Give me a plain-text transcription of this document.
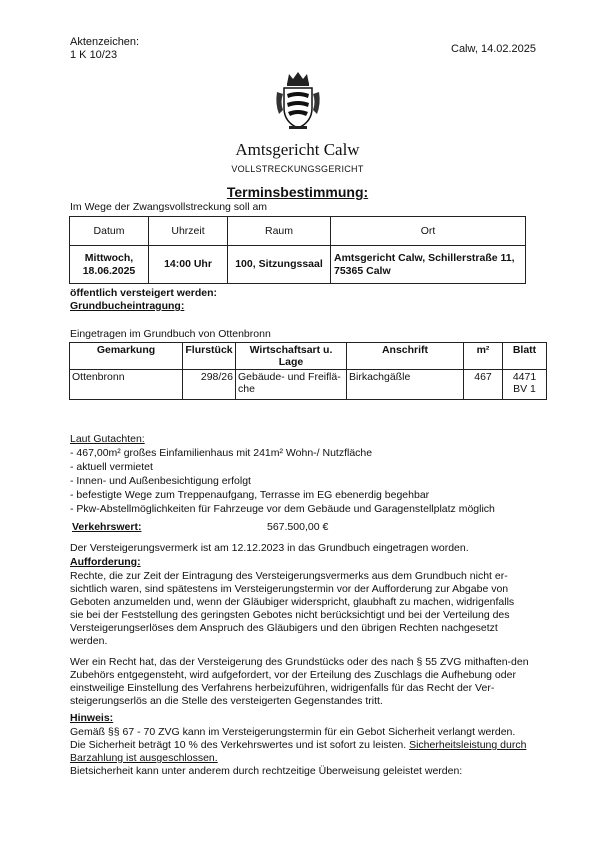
Aktenzeichen:
1 K 10/23	Calw, 14.02.2025
Amtsgericht Calw
VOLLSTRECKUNGSGERICHT
Terminsbestimmung:
Im Wege der Zwangsvollstreckung soll am
Datum	Uhrzeit	Raum	Ort
Mittwoch, 18.06.2025	14:00 Uhr	100, Sitzungssaal	Amtsgericht Calw, Schillerstraße 11, 75365 Calw
öffentlich versteigert werden:
Grundbucheintragung:
Eingetragen im Grundbuch von Ottenbronn
Gemarkung	Flurstück	Wirtschaftsart u. Lage	Anschrift	m²	Blatt
Ottenbronn	298/26	Gebäude- und Freiflä-che	Birkachgäßle	467	4471 BV 1
Laut Gutachten:
- 467,00m² großes Einfamilienhaus mit 241m² Wohn-/ Nutzfläche
- aktuell vermietet
- Innen- und Außenbesichtigung erfolgt
- befestigte Wege zum Treppenaufgang, Terrasse im EG ebenerdig begehbar
- Pkw-Abstellmöglichkeiten für Fahrzeuge vor dem Gebäude und Garagenstellplatz möglich
Verkehrswert:	567.500,00 €
Der Versteigerungsvermerk ist am 12.12.2023 in das Grundbuch eingetragen worden.
Aufforderung:
Rechte, die zur Zeit der Eintragung des Versteigerungsvermerks aus dem Grundbuch nicht er-sichtlich waren, sind spätestens im Versteigerungstermin vor der Aufforderung zur Abgabe von Geboten anzumelden und, wenn der Gläubiger widerspricht, glaubhaft zu machen, widrigenfalls sie bei der Feststellung des geringsten Gebotes nicht berücksichtigt und bei der Verteilung des Versteigerungserlöses dem Anspruch des Gläubigers und den übrigen Rechten nachgesetzt werden.
Wer ein Recht hat, das der Versteigerung des Grundstücks oder des nach § 55 ZVG mithaften-den Zubehörs entgegensteht, wird aufgefordert, vor der Erteilung des Zuschlags die Aufhebung oder einstweilige Einstellung des Verfahrens herbeizuführen, widrigenfalls für das Recht der Ver-steigerungserlös an die Stelle des versteigerten Gegenstandes tritt.
Hinweis:
Gemäß §§ 67 - 70 ZVG kann im Versteigerungstermin für ein Gebot Sicherheit verlangt werden.
Die Sicherheit beträgt 10 % des Verkehrswertes und ist sofort zu leisten. Sicherheitsleistung durch Barzahlung ist ausgeschlossen.
Bietsicherheit kann unter anderem durch rechtzeitige Überweisung geleistet werden:
